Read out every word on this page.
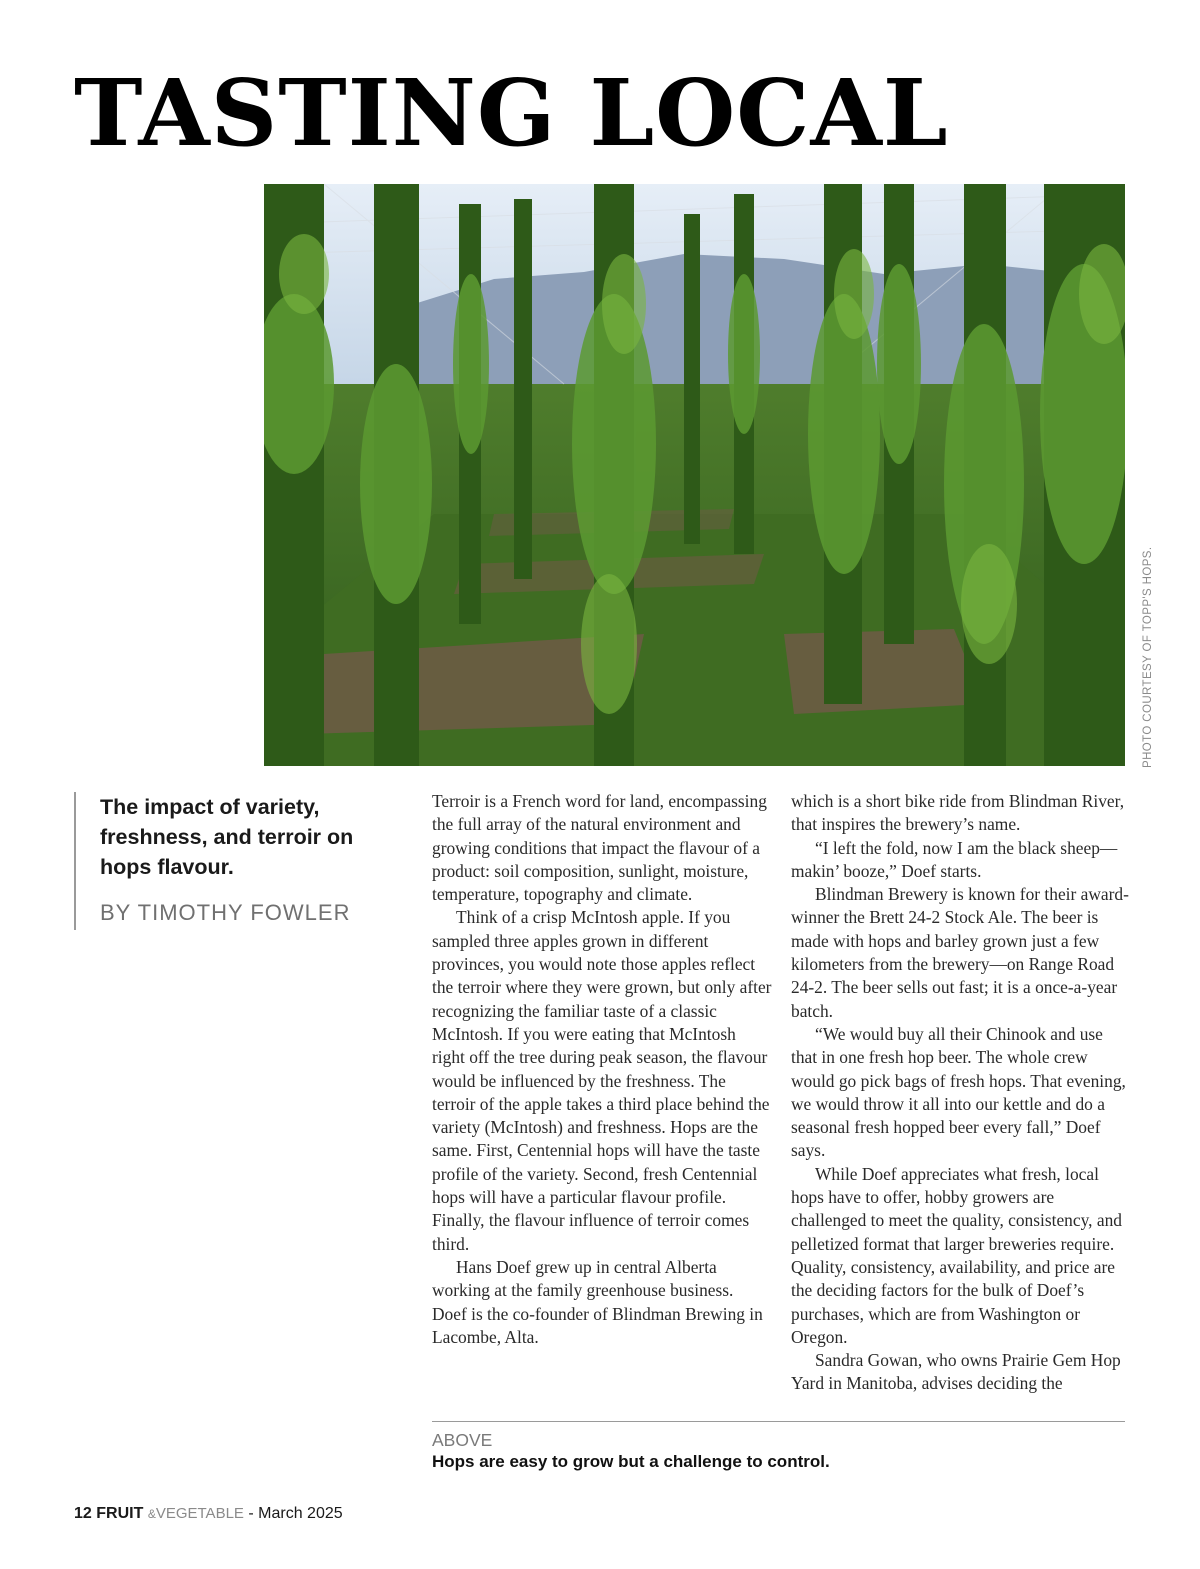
TASTING LOCAL
PHOTO COURTESY OF TOPP'S HOPS.

The impact of variety, freshness, and terroir on hops flavour.

BY TIMOTHY FOWLER

Terroir is a French word for land, encompassing the full array of the natural environment and growing conditions that impact the flavour of a product: soil composition, sunlight, moisture, temperature, topography and climate.

Think of a crisp McIntosh apple. If you sampled three apples grown in different provinces, you would note those apples reflect the terroir where they were grown, but only after recognizing the familiar taste of a classic McIntosh. If you were eating that McIntosh right off the tree during peak season, the flavour would be influenced by the freshness. The terroir of the apple takes a third place behind the variety (McIntosh) and freshness. Hops are the same. First, Centennial hops will have the taste profile of the variety. Second, fresh Centennial hops will have a particular flavour profile. Finally, the flavour influence of terroir comes third.

Hans Doef grew up in central Alberta working at the family greenhouse business. Doef is the co-founder of Blindman Brewing in Lacombe, Alta.

which is a short bike ride from Blindman River, that inspires the brewery’s name.

“I left the fold, now I am the black sheep—makin’ booze,” Doef starts.

Blindman Brewery is known for their award-winner the Brett 24-2 Stock Ale. The beer is made with hops and barley grown just a few kilometers from the brewery—on Range Road 24-2. The beer sells out fast; it is a once-a-year batch.

“We would buy all their Chinook and use that in one fresh hop beer. The whole crew would go pick bags of fresh hops. That evening, we would throw it all into our kettle and do a seasonal fresh hopped beer every fall,” Doef says.

While Doef appreciates what fresh, local hops have to offer, hobby growers are challenged to meet the quality, consistency, and pelletized format that larger breweries require. Quality, consistency, availability, and price are the deciding factors for the bulk of Doef’s purchases, which are from Washington or Oregon.

Sandra Gowan, who owns Prairie Gem Hop Yard in Manitoba, advises deciding the

ABOVE
Hops are easy to grow but a challenge to control.
12 FRUIT &VEGETABLE - March 2025
